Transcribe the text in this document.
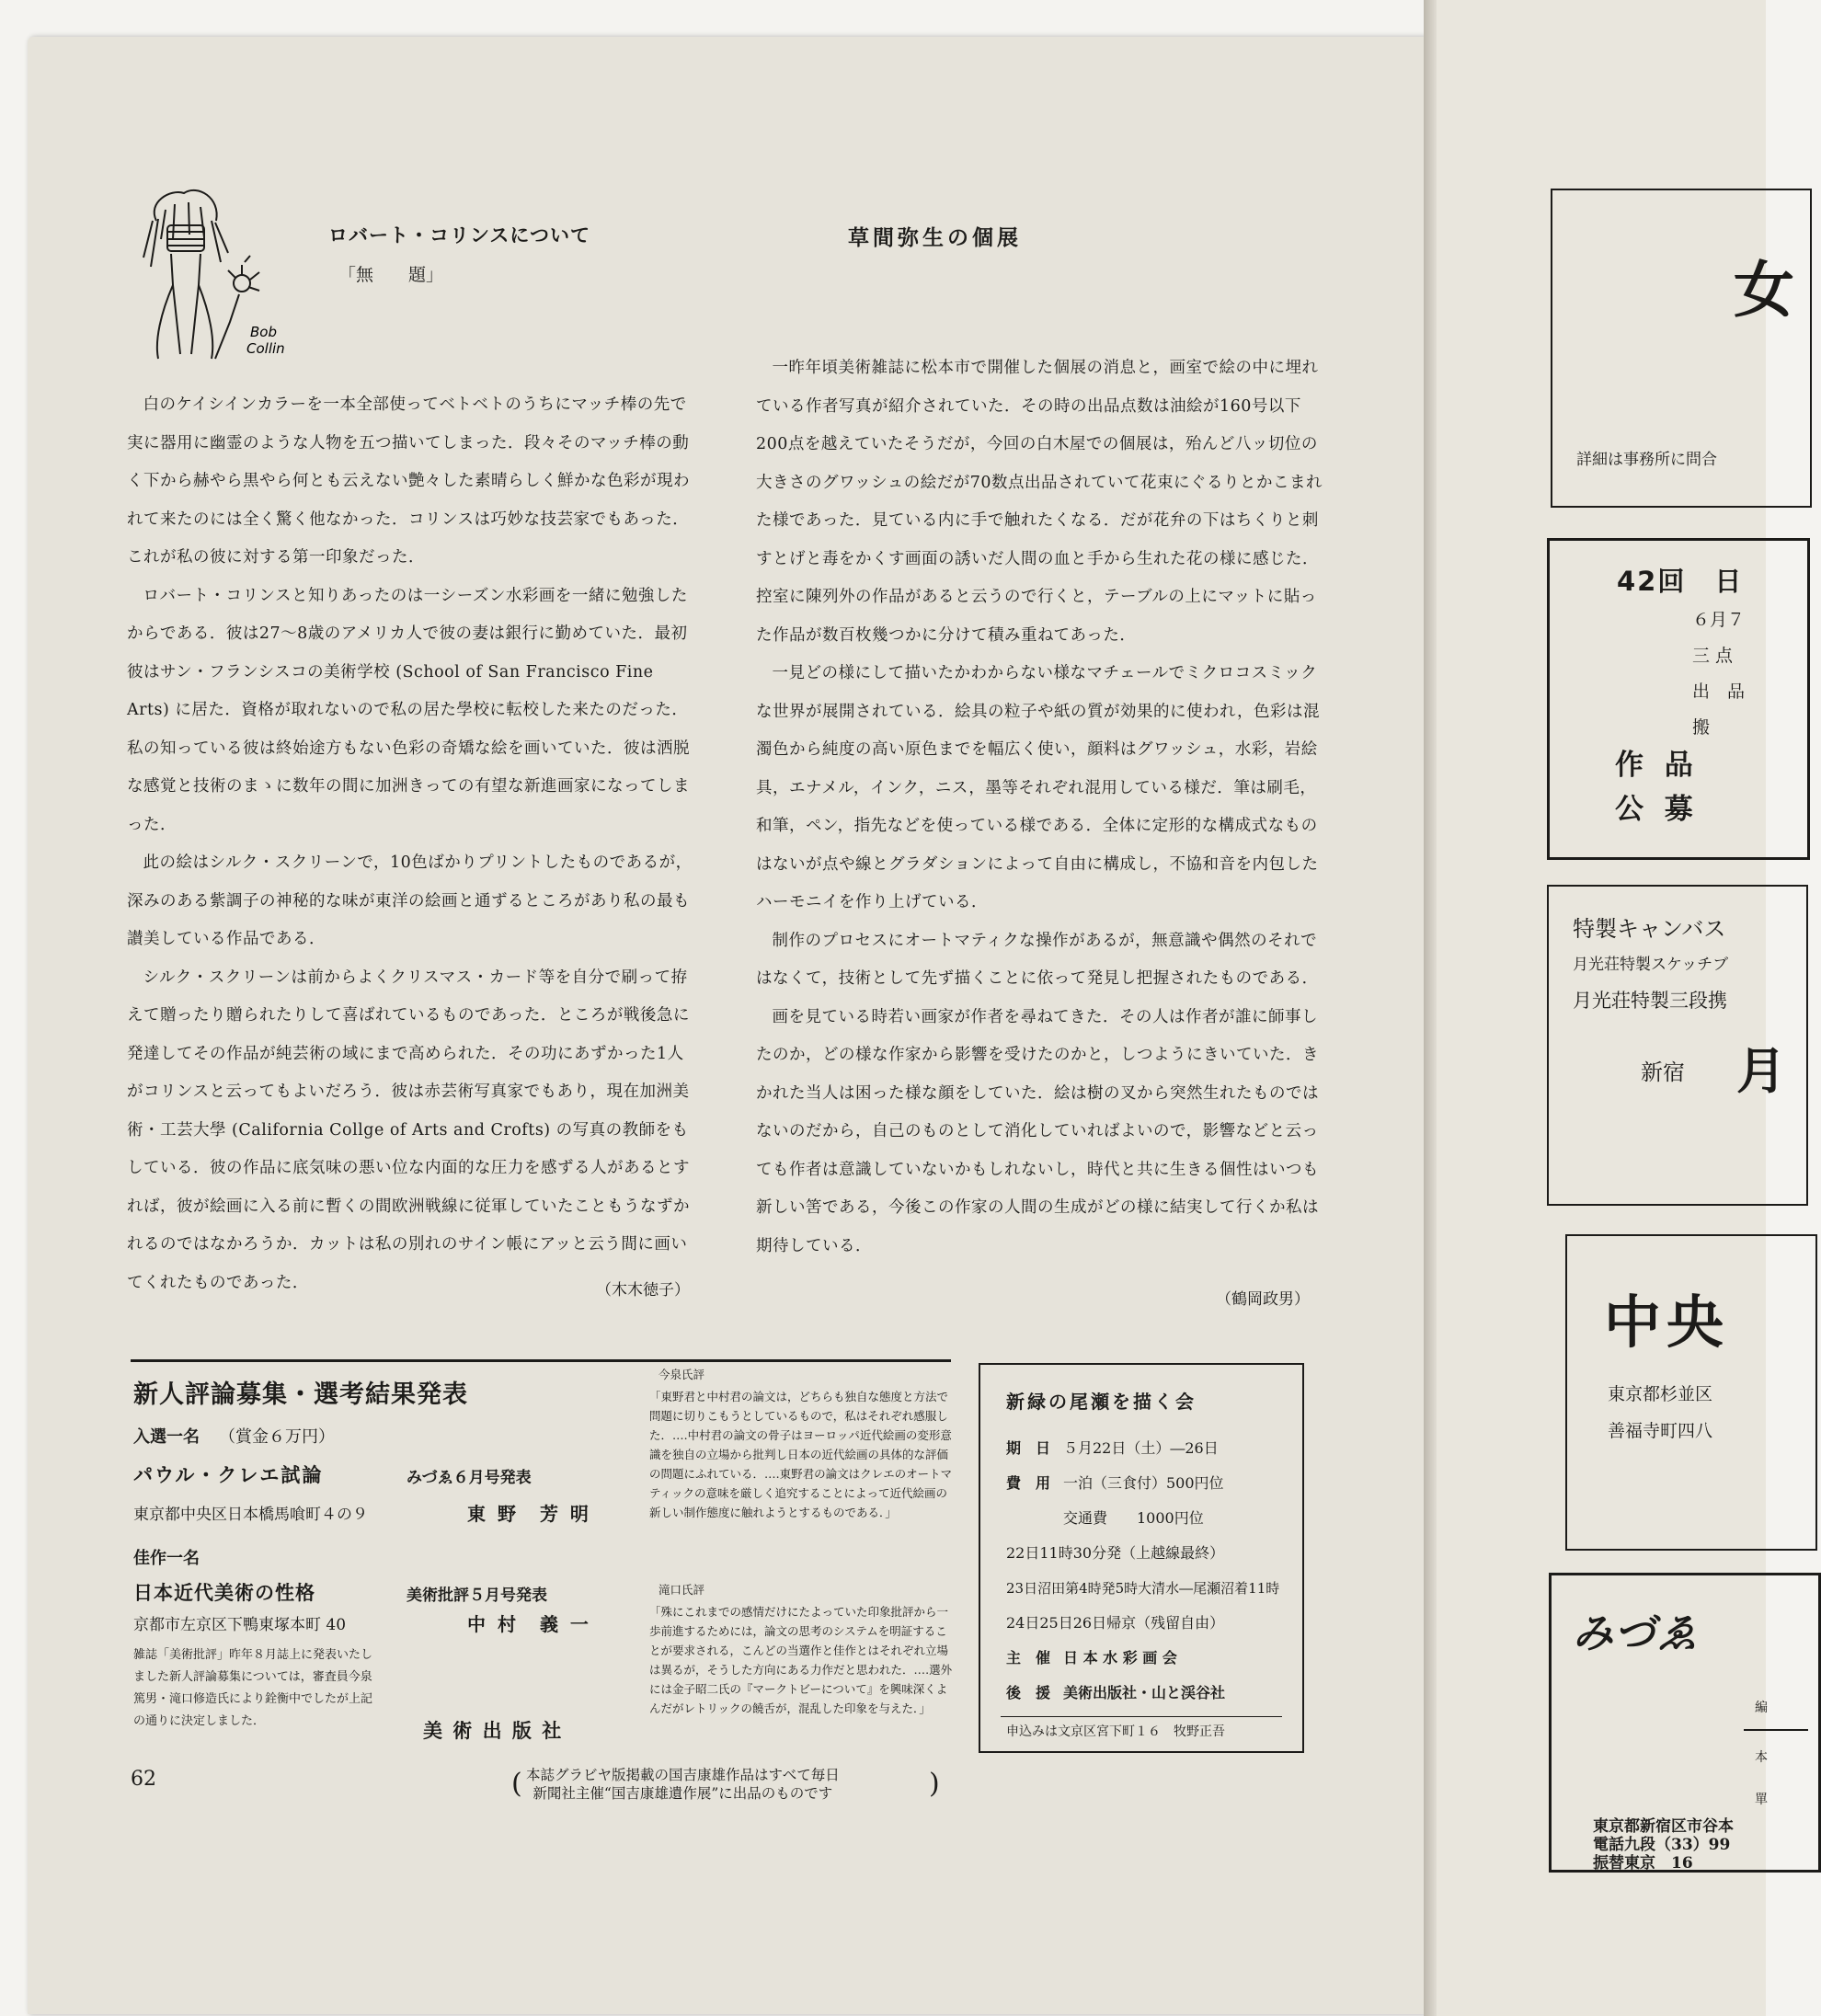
Bob
Collin
ロバート・コリンスについて
「無　　題」

白のケイシインカラーを一本全部使ってベトベトのうちにマッチ棒の先で実に器用に幽霊のような人物を五つ描いてしまった．段々そのマッチ棒の動く下から赫やら黒やら何とも云えない艶々した素晴らしく鮮かな色彩が現われて来たのには全く驚く他なかった．コリンスは巧妙な技芸家でもあった．これが私の彼に対する第一印象だった．

ロバート・コリンスと知りあったのは一シーズン水彩画を一緒に勉強したからである．彼は27〜8歳のアメリカ人で彼の妻は銀行に勤めていた．最初彼はサン・フランシスコの美術学校 (School of San Francisco Fine Arts) に居た．資格が取れないので私の居た學校に転校した来たのだった．私の知っている彼は終始途方もない色彩の奇矯な絵を画いていた．彼は洒脱な感覚と技術のまゝに数年の間に加洲きっての有望な新進画家になってしまった．

此の絵はシルク・スクリーンで，10色ばかりプリントしたものであるが，深みのある紫調子の神秘的な味が東洋の絵画と通ずるところがあり私の最も讃美している作品である．

シルク・スクリーンは前からよくクリスマス・カード等を自分で刷って拵えて贈ったり贈られたりして喜ばれているものであった．ところが戦後急に発達してその作品が純芸術の域にまで高められた．その功にあずかった1人がコリンスと云ってもよいだろう．彼は赤芸術写真家でもあり，現在加洲美術・工芸大學 (California Collge of Arts and Crofts) の写真の教師をもしている．彼の作品に底気味の悪い位な内面的な圧力を感ずる人があるとすれば，彼が絵画に入る前に暫くの間欧洲戦線に従軍していたこともうなずかれるのではなかろうか．カットは私の別れのサイン帳にアッと云う間に画いてくれたものであった．	（木木徳子）
草間弥生の個展

一昨年頃美術雑誌に松本市で開催した個展の消息と，画室で絵の中に埋れている作者写真が紹介されていた．その時の出品点数は油絵が160号以下200点を越えていたそうだが，今回の白木屋での個展は，殆んど八ッ切位の大きさのグワッシュの絵だが70数点出品されていて花束にぐるりとかこまれた様であった．見ている内に手で触れたくなる．だが花弁の下はちくりと刺すとげと毒をかくす画面の誘いだ人間の血と手から生れた花の様に感じた．控室に陳列外の作品があると云うので行くと，テーブルの上にマットに貼った作品が数百枚幾つかに分けて積み重ねてあった．

一見どの様にして描いたかわからない様なマチェールでミクロコスミックな世界が展開されている．絵具の粒子や紙の質が効果的に使われ，色彩は混濁色から純度の高い原色までを幅広く使い，顔料はグワッシュ，水彩，岩絵具，エナメル，インク，ニス，墨等それぞれ混用している様だ．筆は刷毛，和筆，ペン，指先などを使っている様である．全体に定形的な構成式なものはないが点や線とグラダションによって自由に構成し，不協和音を内包したハーモニイを作り上げている．

制作のプロセスにオートマティクな操作があるが，無意識や偶然のそれではなくて，技術として先ず描くことに依って発見し把握されたものである．

画を見ている時若い画家が作者を尋ねてきた．その人は作者が誰に師事したのか，どの様な作家から影響を受けたのかと，しつようにきいていた．きかれた当人は困った様な顔をしていた．絵は樹の叉から突然生れたものではないのだから，自己のものとして消化していればよいので，影響などと云っても作者は意識していないかもしれないし，時代と共に生きる個性はいつも新しい筈である，今後この作家の人間の生成がどの様に結実して行くか私は期待している．

（鶴岡政男）
新人評論募集・選考結果発表
入選一名 （賞金６万円）
パウル・クレエ試論	みづゑ６月号発表
東京都中央区日本橋馬喰町４の９	東 野　芳 明
佳作一名
日本近代美術の性格	美術批評５月号発表
京都市左京区下鴨東塚本町 40	中 村　義 一
雑誌「美術批評」昨年８月誌上に発表いたしました新人評論募集については，審査員今泉篤男・滝口修造氏により銓衡中でしたが上記の通りに決定しました．	美 術 出 版 社
今泉氏評
「東野君と中村君の論文は，どちらも独自な態度と方法で問題に切りこもうとしているもので，私はそれぞれ感服した．‥‥中村君の論文の骨子はヨーロッパ近代絵画の変形意識を独自の立場から批判し日本の近代絵画の具体的な評価の問題にふれている．‥‥東野君の論文はクレエのオートマティックの意味を厳しく追究することによって近代絵画の新しい制作態度に触れようとするものである．」
滝口氏評
「殊にこれまでの感情だけにたよっていた印象批評から一歩前進するためには，論文の思考のシステムを明証することが要求される，こんどの当選作と佳作とはそれぞれ立場は異るが，そうした方向にある力作だと思われた．‥‥選外には金子昭二氏の『マークトビーについて』を興味深くよんだがレトリックの饒舌が，混乱した印象を与えた．」
新緑の尾瀬を描く会
期　日 ５月22日（土）―26日
費　用 一泊（三食付）500円位
交通費　　1000円位
22日11時30分発（上越線最終）
23日沼田第4時発5時大清水―尾瀬沼着11時
24日25日26日帰京（残留自由）
主　催 日 本 水 彩 画 会
後　援 美術出版社・山と渓谷社
申込みは文京区宮下町１６　牧野正吾
62	( 本誌グラビヤ版掲載の国吉康雄作品はすべて毎日
新聞社主催“国吉康雄遺作展”に出品のものです	)
女
詳細は事務所に問合
42回　日
６月７
三 点
出　品
搬
作 品
公 募
特製キャンバス
月光荘特製スケッチブ
月光荘特製三段携
新宿 月
中央
東京都杉並区
善福寺町四八
みづゑ
編
本
單
東京都新宿区市谷本
電話九段（33）99
振替東京　16
